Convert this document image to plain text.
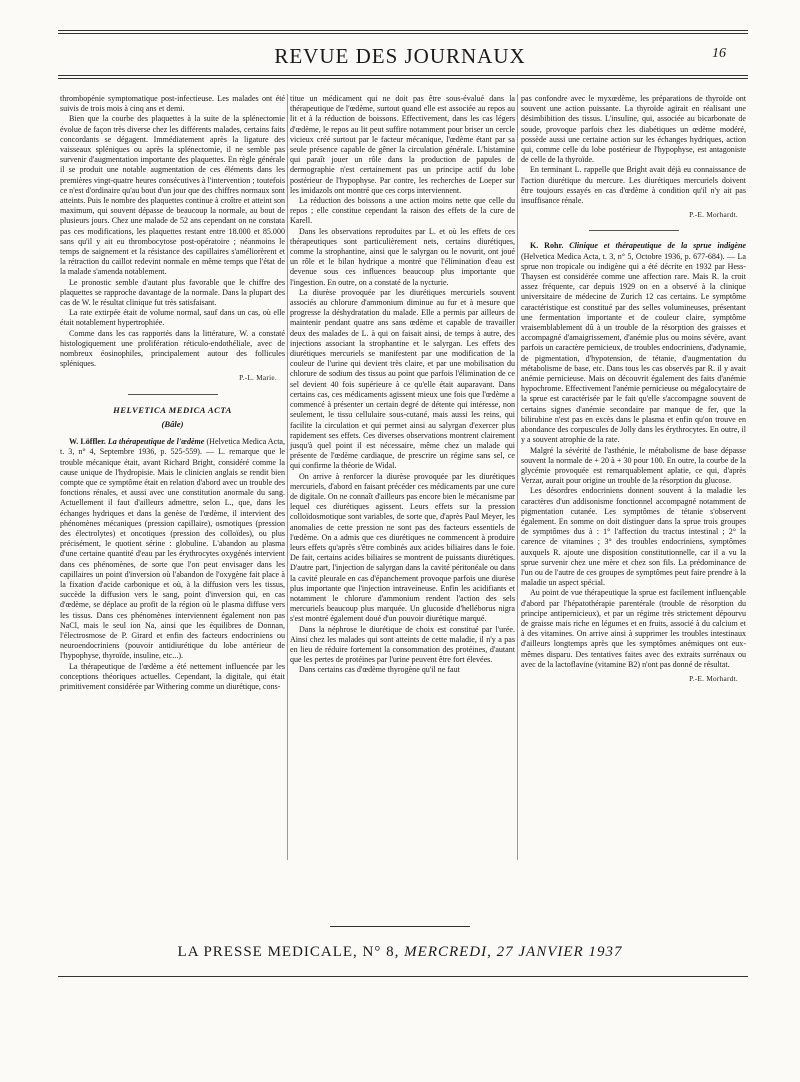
REVUE DES JOURNAUX	16

thrombopénie symptomatique post-infectieuse. Les malades ont été suivis de trois mois à cinq ans et demi.

Bien que la courbe des plaquettes à la suite de la splénectomie évolue de façon très diverse chez les différents malades, certains faits concordants se dégagent. Immédiatement après la ligature des vaisseaux spléniques ou après la splénectomie, il ne semble pas survenir d'augmentation importante des plaquettes. En règle générale il se produit une notable augmentation de ces éléments dans les premières vingt-quatre heures consécutives à l'intervention ; toutefois ce n'est d'ordinaire qu'au bout d'un jour que des chiffres normaux sont atteints. Puis le nombre des plaquettes continue à croître et atteint son maximum, qui souvent dépasse de beaucoup la normale, au bout de plusieurs jours. Chez une malade de 52 ans cependant on ne constata pas ces modifications, les plaquettes restant entre 18.000 et 85.000 sans qu'il y ait eu thrombocytose post-opératoire ; néanmoins le temps de saignement et la résistance des capillaires s'améliorèrent et la rétraction du caillot redevint normale en même temps que l'état de la malade s'amenda notablement.

Le pronostic semble d'autant plus favorable que le chiffre des plaquettes se rapproche davantage de la normale. Dans la plupart des cas de W. le résultat clinique fut très satisfaisant.

La rate extirpée était de volume normal, sauf dans un cas, où elle était notablement hypertrophiée.

Comme dans les cas rapportés dans la littérature, W. a constaté histologiquement une prolifération réticulo-endothéliale, avec de nombreux éosinophiles, principalement autour des follicules spléniques.

P.-L. Marie.
HELVETICA MEDICA ACTA
(Bâle)

W. Löffler. La thérapeutique de l'œdème (Helvetica Medica Acta, t. 3, n° 4, Septembre 1936, p. 525-559). — L. remarque que le trouble mécanique était, avant Richard Bright, considéré comme la cause unique de l'hydropisie. Mais le clinicien anglais se rendit bien compte que ce symptôme était en relation d'abord avec un trouble des fonctions rénales, et aussi avec une constitution anormale du sang. Actuellement il faut d'ailleurs admettre, selon L., que, dans les échanges hydriques et dans la genèse de l'œdème, il intervient des phénomènes mécaniques (pression capillaire), osmotiques (pression des électrolytes) et oncotiques (pression des colloïdes), ou plus précisément, le quotient sérine : globuline. L'abandon au plasma d'une certaine quantité d'eau par les érythrocytes oxygénés intervient dans ces phénomènes, de sorte que l'on peut envisager dans les capillaires un point d'inversion où l'abandon de l'oxygène fait place à la fixation d'acide carbonique et où, à la diffusion vers les tissus, succède la diffusion vers le sang, point d'inversion qui, en cas d'œdème, se déplace au profit de la région où le plasma diffuse vers les tissus. Dans ces phénomènes interviennent également non pas NaCl, mais le seul ion Na, ainsi que les équilibres de Donnan, l'électrosmose de P. Girard et enfin des facteurs endocriniens ou neuroendocriniens (pouvoir antidiurétique du lobe antérieur de l'hypophyse, thyroïde, insuline, etc...).

La thérapeutique de l'œdème a été nettement influencée par les conceptions théoriques actuelles. Cependant, la digitale, qui était primitivement considérée par Withering comme un diurétique, cons-

titue un médicament qui ne doit pas être sous-évalué dans la thérapeutique de l'œdème, surtout quand elle est associée au repos au lit et à la réduction de boissons. Effectivement, dans les cas légers d'œdème, le repos au lit peut suffire notamment pour briser un cercle vicieux créé surtout par le facteur mécanique, l'œdème étant par sa seule présence capable de gêner la circulation générale. L'histamine qui paraît jouer un rôle dans la production de papules de dermographie n'est certainement pas un principe actif du lobe postérieur de l'hypophyse. Par contre, les recherches de Loeper sur les imidazols ont montré que ces corps interviennent.

La réduction des boissons a une action moins nette que celle du repos ; elle constitue cependant la raison des effets de la cure de Karell.

Dans les observations reproduites par L. et où les effets de ces thérapeutiques sont particulièrement nets, certains diurétiques, comme la strophantine, ainsi que le salyrgan ou le novurit, ont joué un rôle et le bilan hydrique a montré que l'élimination d'eau est devenue sous ces influences beaucoup plus importante que l'ingestion. En outre, on a constaté de la nycturie.

La diurèse provoquée par les diurétiques mercuriels souvent associés au chlorure d'ammonium diminue au fur et à mesure que progresse la déshydratation du malade. Elle a permis par ailleurs de maintenir pendant quatre ans sans œdème et capable de travailler deux des malades de L. à qui on faisait ainsi, de temps à autre, des injections associant la strophantine et le salyrgan. Les effets des diurétiques mercuriels se manifestent par une modification de la couleur de l'urine qui devient très claire, et par une mobilisation du chlorure de sodium des tissus au point que parfois l'élimination de ce sel devient 40 fois supérieure à ce qu'elle était auparavant. Dans certains cas, ces médicaments agissent mieux une fois que l'œdème a commencé à présenter un certain degré de détente qui intéresse, non seulement, le tissu cellulaire sous-cutané, mais aussi les reins, qui facilite la circulation et qui permet ainsi au salyrgan d'exercer plus rapidement ses effets. Ces diverses observations montrent clairement jusqu'à quel point il est nécessaire, même chez un malade qui présente de l'œdème cardiaque, de prescrire un régime sans sel, ce qui confirme la théorie de Widal.

On arrive à renforcer la diurèse provoquée par les diurétiques mercuriels, d'abord en faisant précéder ces médicaments par une cure de digitale. On ne connaît d'ailleurs pas encore bien le mécanisme par lequel ces diurétiques agissent. Leurs effets sur la pression colloïdosmotique sont variables, de sorte que, d'après Paul Meyer, les anomalies de cette pression ne sont pas des facteurs essentiels de l'œdème. On a admis que ces diurétiques ne commencent à produire leurs effets qu'après s'être combinés aux acides biliaires dans le foie. De fait, certains acides biliaires se montrent de puissants diurétiques. D'autre part, l'injection de salyrgan dans la cavité péritonéale ou dans la cavité pleurale en cas d'épanchement provoque parfois une diurèse plus importante que l'injection intraveineuse. Enfin les acidifiants et notamment le chlorure d'ammonium rendent l'action des sels mercuriels beaucoup plus marquée. Un glucoside d'helléborus nigra s'est montré également doué d'un pouvoir diurétique marqué.

Dans la néphrose le diurétique de choix est constitué par l'urée. Ainsi chez les malades qui sont atteints de cette maladie, il n'y a pas en lieu de réduire fortement la consommation des protéines, d'autant que les pertes de protéines par l'urine peuvent être fort élevées.

Dans certains cas d'œdème thyrogène qu'il ne faut

pas confondre avec le myxœdème, les préparations de thyroïde ont souvent une action puissante. La thyroïde agirait en réalisant une désimbibition des tissus. L'insuline, qui, associée au bicarbonate de soude, provoque parfois chez les diabétiques un œdème modéré, possède aussi une certaine action sur les échanges hydriques, action qui, comme celle du lobe postérieur de l'hypophyse, est antagoniste de celle de la thyroïde.

En terminant L. rappelle que Bright avait déjà eu connaissance de l'action diurétique du mercure. Les diurétiques mercuriels doivent être toujours essayés en cas d'œdème à condition qu'il n'y ait pas insuffisance rénale.

P.-E. Morhardt.

K. Rohr. Clinique et thérapeutique de la sprue indigène (Helvetica Medica Acta, t. 3, n° 5, Octobre 1936, p. 677-684). — La sprue non tropicale ou indigène qui a été décrite en 1932 par Hess-Thaysen est considérée comme une affection rare. Mais R. la croit assez fréquente, car depuis 1929 on en a observé à la clinique universitaire de médecine de Zurich 12 cas certains. Le symptôme caractéristique est constitué par des selles volumineuses, présentant une fermentation importante et de couleur claire, symptôme vraisemblablement dû à un trouble de la résorption des graisses et accompagné d'amaigrissement, d'anémie plus ou moins sévère, avant parfois un caractère pernicieux, de troubles endocriniens, d'adynamie, de pigmentation, d'hypotension, de tétanie, d'augmentation du métabolisme de base, etc. Dans tous les cas observés par R. il y avait anémie pernicieuse. Mais on découvrit également des faits d'anémie hypochrome. Effectivement l'anémie pernicieuse ou mégalocytaire de la sprue est caractérisée par le fait qu'elle s'accompagne souvent de certains signes d'anémie secondaire par manque de fer, que la bilirubine n'est pas en excès dans le plasma et enfin qu'on trouve en abondance des corpuscules de Jolly dans les érythrocytes. En outre, il y a souvent atrophie de la rate.

Malgré la sévérité de l'asthénie, le métabolisme de base dépasse souvent la normale de + 20 à + 30 pour 100. En outre, la courbe de la glycémie provoquée est remarquablement aplatie, ce qui, d'après Verzar, aurait pour origine un trouble de la résorption du glucose.

Les désordres endocriniens donnent souvent à la maladie les caractères d'un addisonisme fonctionnel accompagné notamment de pigmentation cutanée. Les symptômes de tétanie s'observent également. En somme on doit distinguer dans la sprue trois groupes de symptômes dus à : 1° l'affection du tractus intestinal ; 2° la carence de vitamines ; 3° des troubles endocriniens, symptômes auxquels R. ajoute une disposition constitutionnelle, car il a vu la sprue survenir chez une mère et chez son fils. La prédominance de l'un ou de l'autre de ces groupes de symptômes peut faire prendre à la maladie un aspect spécial.

Au point de vue thérapeutique la sprue est facilement influençable d'abord par l'hépatothérapie parentérale (trouble de résorption du principe antipernicieux), et par un régime très strictement dépourvu de graisse mais riche en légumes et en fruits, associé à du calcium et à des vitamines. On arrive ainsi à supprimer les troubles intestinaux d'ailleurs longtemps après que les symptômes anémiques ont eux-mêmes disparu. Des tentatives faites avec des extraits surrénaux ou avec de la lactoflavine (vitamine B2) n'ont pas donné de résultat.

P.-E. Morhardt.
LA PRESSE MEDICALE, N° 8, MERCREDI, 27 JANVIER 1937
